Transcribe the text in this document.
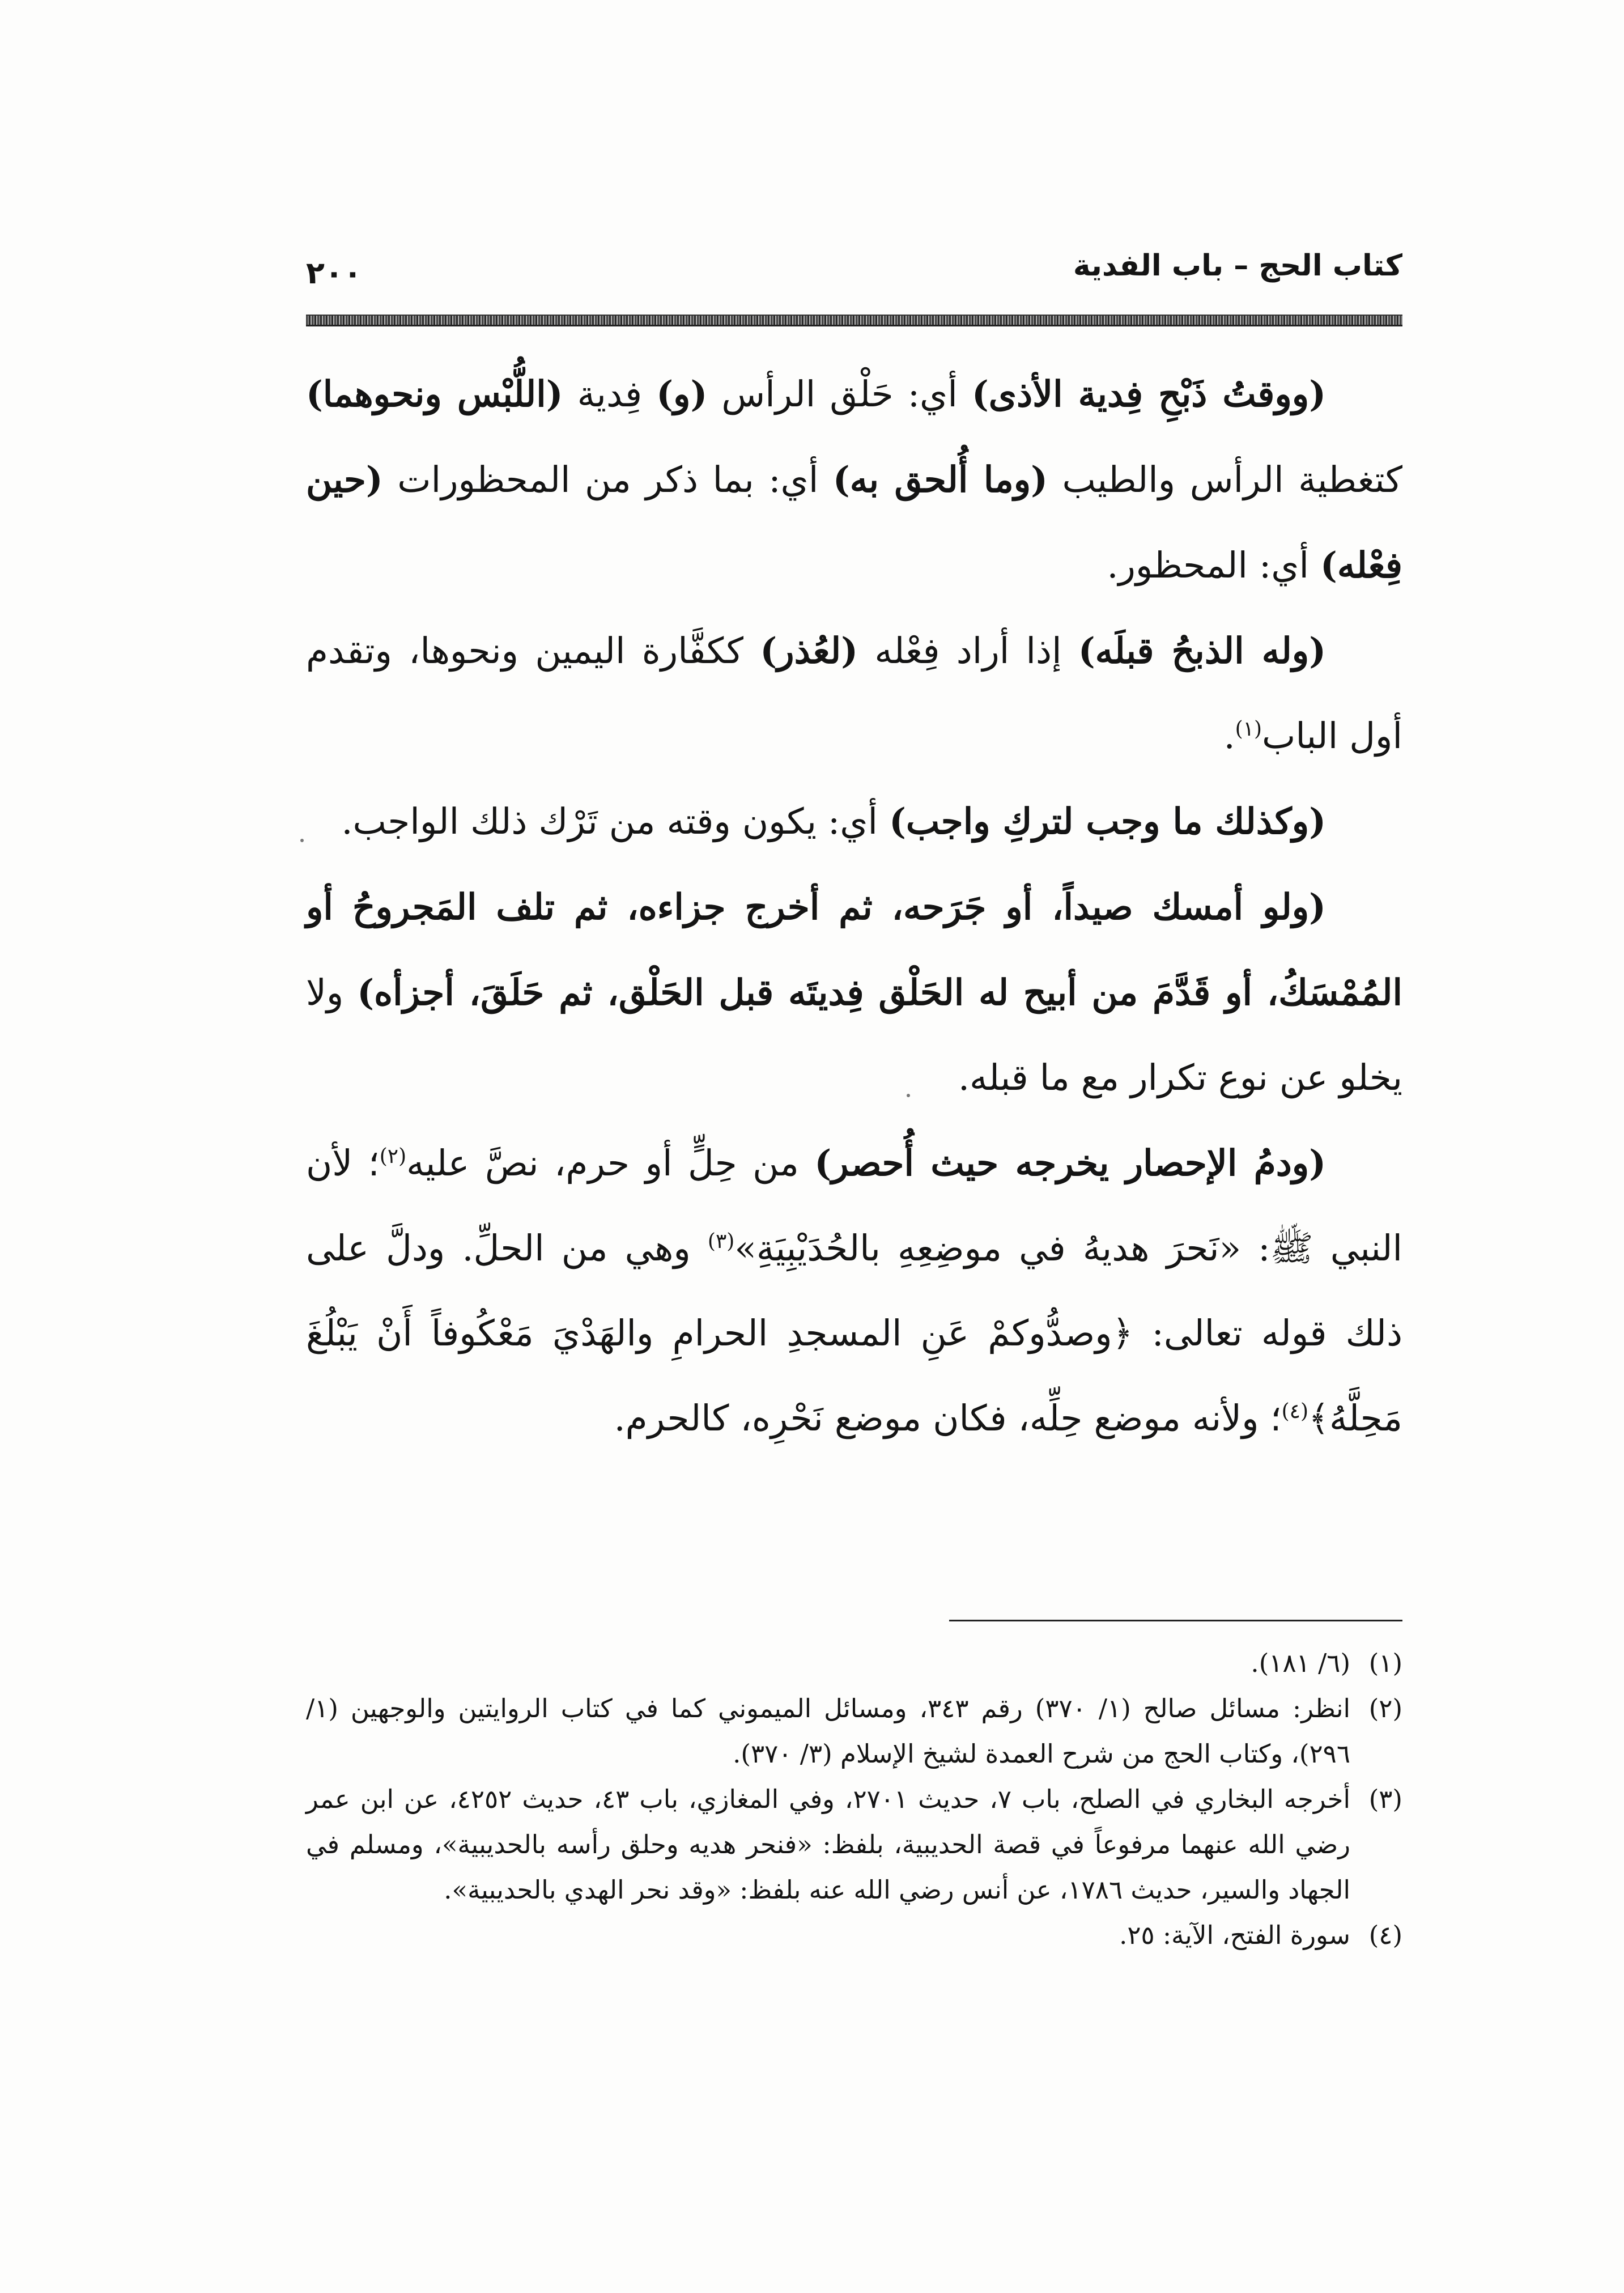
كتاب الحج – باب الفدية
٢٠٠

(ووقتُ ذَبْحِ فِدية الأذى) أي: حَلْق الرأس (و) فِدية (اللُّبْس ونحوهما) كتغطية الرأس والطيب (وما أُلحق به) أي: بما ذكر من المحظورات (حين فِعْله) أي: المحظور.

(وله الذبحُ قبلَه) إذا أراد فِعْله (لعُذر) ككفَّارة اليمين ونحوها، وتقدم أول الباب$^{(١)}$.

(وكذلك ما وجب لتركِ واجب) أي: يكون وقته من تَرْك ذلك الواجب.

(ولو أمسك صيداً، أو جَرَحه، ثم أخرج جزاءه، ثم تلف المَجروحُ أو المُمْسَكُ، أو قَدَّمَ من أبيح له الحَلْق فِديتَه قبل الحَلْق، ثم حَلَقَ، أجزأه) ولا يخلو عن نوع تكرار مع ما قبله.

(ودمُ الإحصار يخرجه حيث أُحصر) من حِلٍّ أو حرم، نصَّ عليه$^{(٢)}$؛ لأن النبي ﷺ: «نَحرَ هديهُ في موضِعِهِ بالحُدَيْبِيَةِ»$^{(٣)}$ وهي من الحلِّ. ودلَّ على ذلك قوله تعالى: ﴿وصدُّوكمْ عَنِ المسجدِ الحرامِ والهَدْيَ مَعْكُوفاً أَنْ يَبْلُغَ مَحِلَّهُ﴾$^{(٤)}$؛ ولأنه موضع حِلِّه، فكان موضع نَحْرِه، كالحرم.

(١)(٦/ ١٨١).

(٢)انظر: مسائل صالح (١/ ٣٧٠) رقم ٣٤٣، ومسائل الميموني كما في كتاب الروايتين والوجهين (١/ ٢٩٦)، وكتاب الحج من شرح العمدة لشيخ الإسلام (٣/ ٣٧٠).

(٣)أخرجه البخاري في الصلح، باب ٧، حديث ٢٧٠١، وفي المغازي، باب ٤٣، حديث ٤٢٥٢، عن ابن عمر رضي الله عنهما مرفوعاً في قصة الحديبية، بلفظ: «فنحر هديه وحلق رأسه بالحديبية»، ومسلم في الجهاد والسير، حديث ١٧٨٦، عن أنس رضي الله عنه بلفظ: «وقد نحر الهدي بالحديبية».

(٤)سورة الفتح، الآية: ٢٥.
